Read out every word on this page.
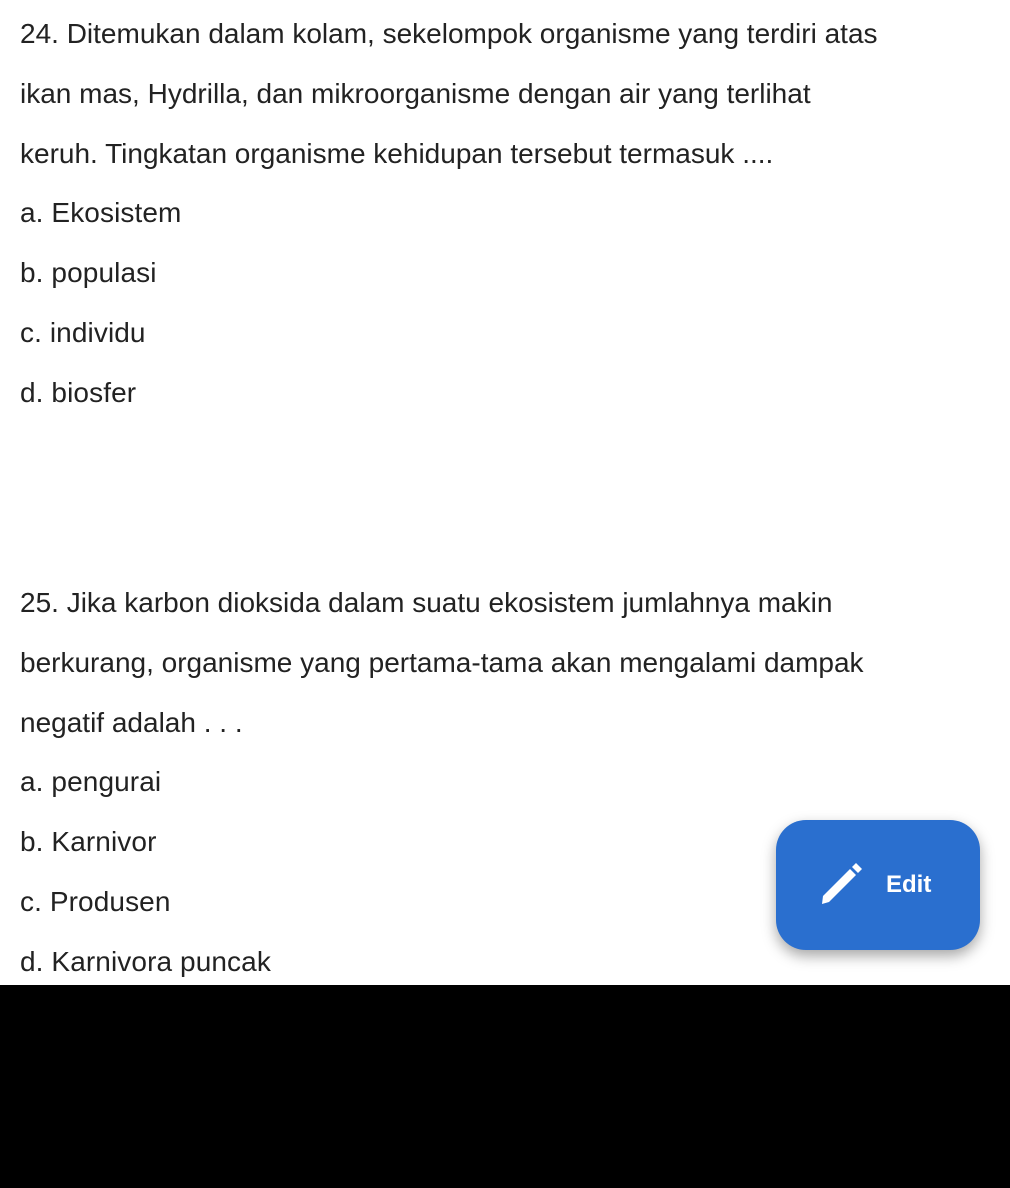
24. Ditemukan dalam kolam, sekelompok organisme yang terdiri atas
ikan mas, Hydrilla, dan mikroorganisme dengan air yang terlihat
keruh. Tingkatan organisme kehidupan tersebut termasuk ....
a. Ekosistem
b. populasi
c. individu
d. biosfer
25. Jika karbon dioksida dalam suatu ekosistem jumlahnya makin
berkurang, organisme yang pertama-tama akan mengalami dampak
negatif adalah . . .
a. pengurai
b. Karnivor
c. Produsen
d. Karnivora puncak
Edit
